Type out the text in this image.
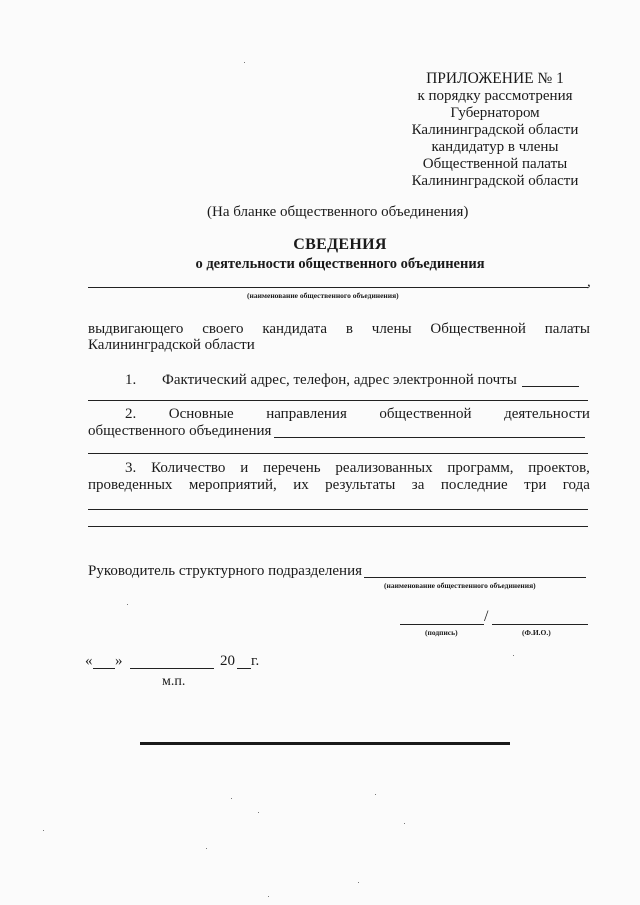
ПРИЛОЖЕНИЕ № 1
к порядку рассмотрения
Губернатором
Калининградской области
кандидатур в члены
Общественной палаты
Калининградской области
(На бланке общественного объединения)
СВЕДЕНИЯ
о деятельности общественного объединения
,
(наименование общественного объединения)
выдвигающего своего кандидата в члены Общественной палаты
Калининградской области
1. Фактический адрес, телефон, адрес электронной почты
2. Основные направления общественной деятельности
общественного объединения
3. Количество и перечень реализованных программ, проектов,
проведенных мероприятий, их результаты за последние три года
Руководитель структурного подразделения
(наименование общественного объединения)
/
(подпись)	(Ф.И.О.)
« »	20 г.
м.п.
